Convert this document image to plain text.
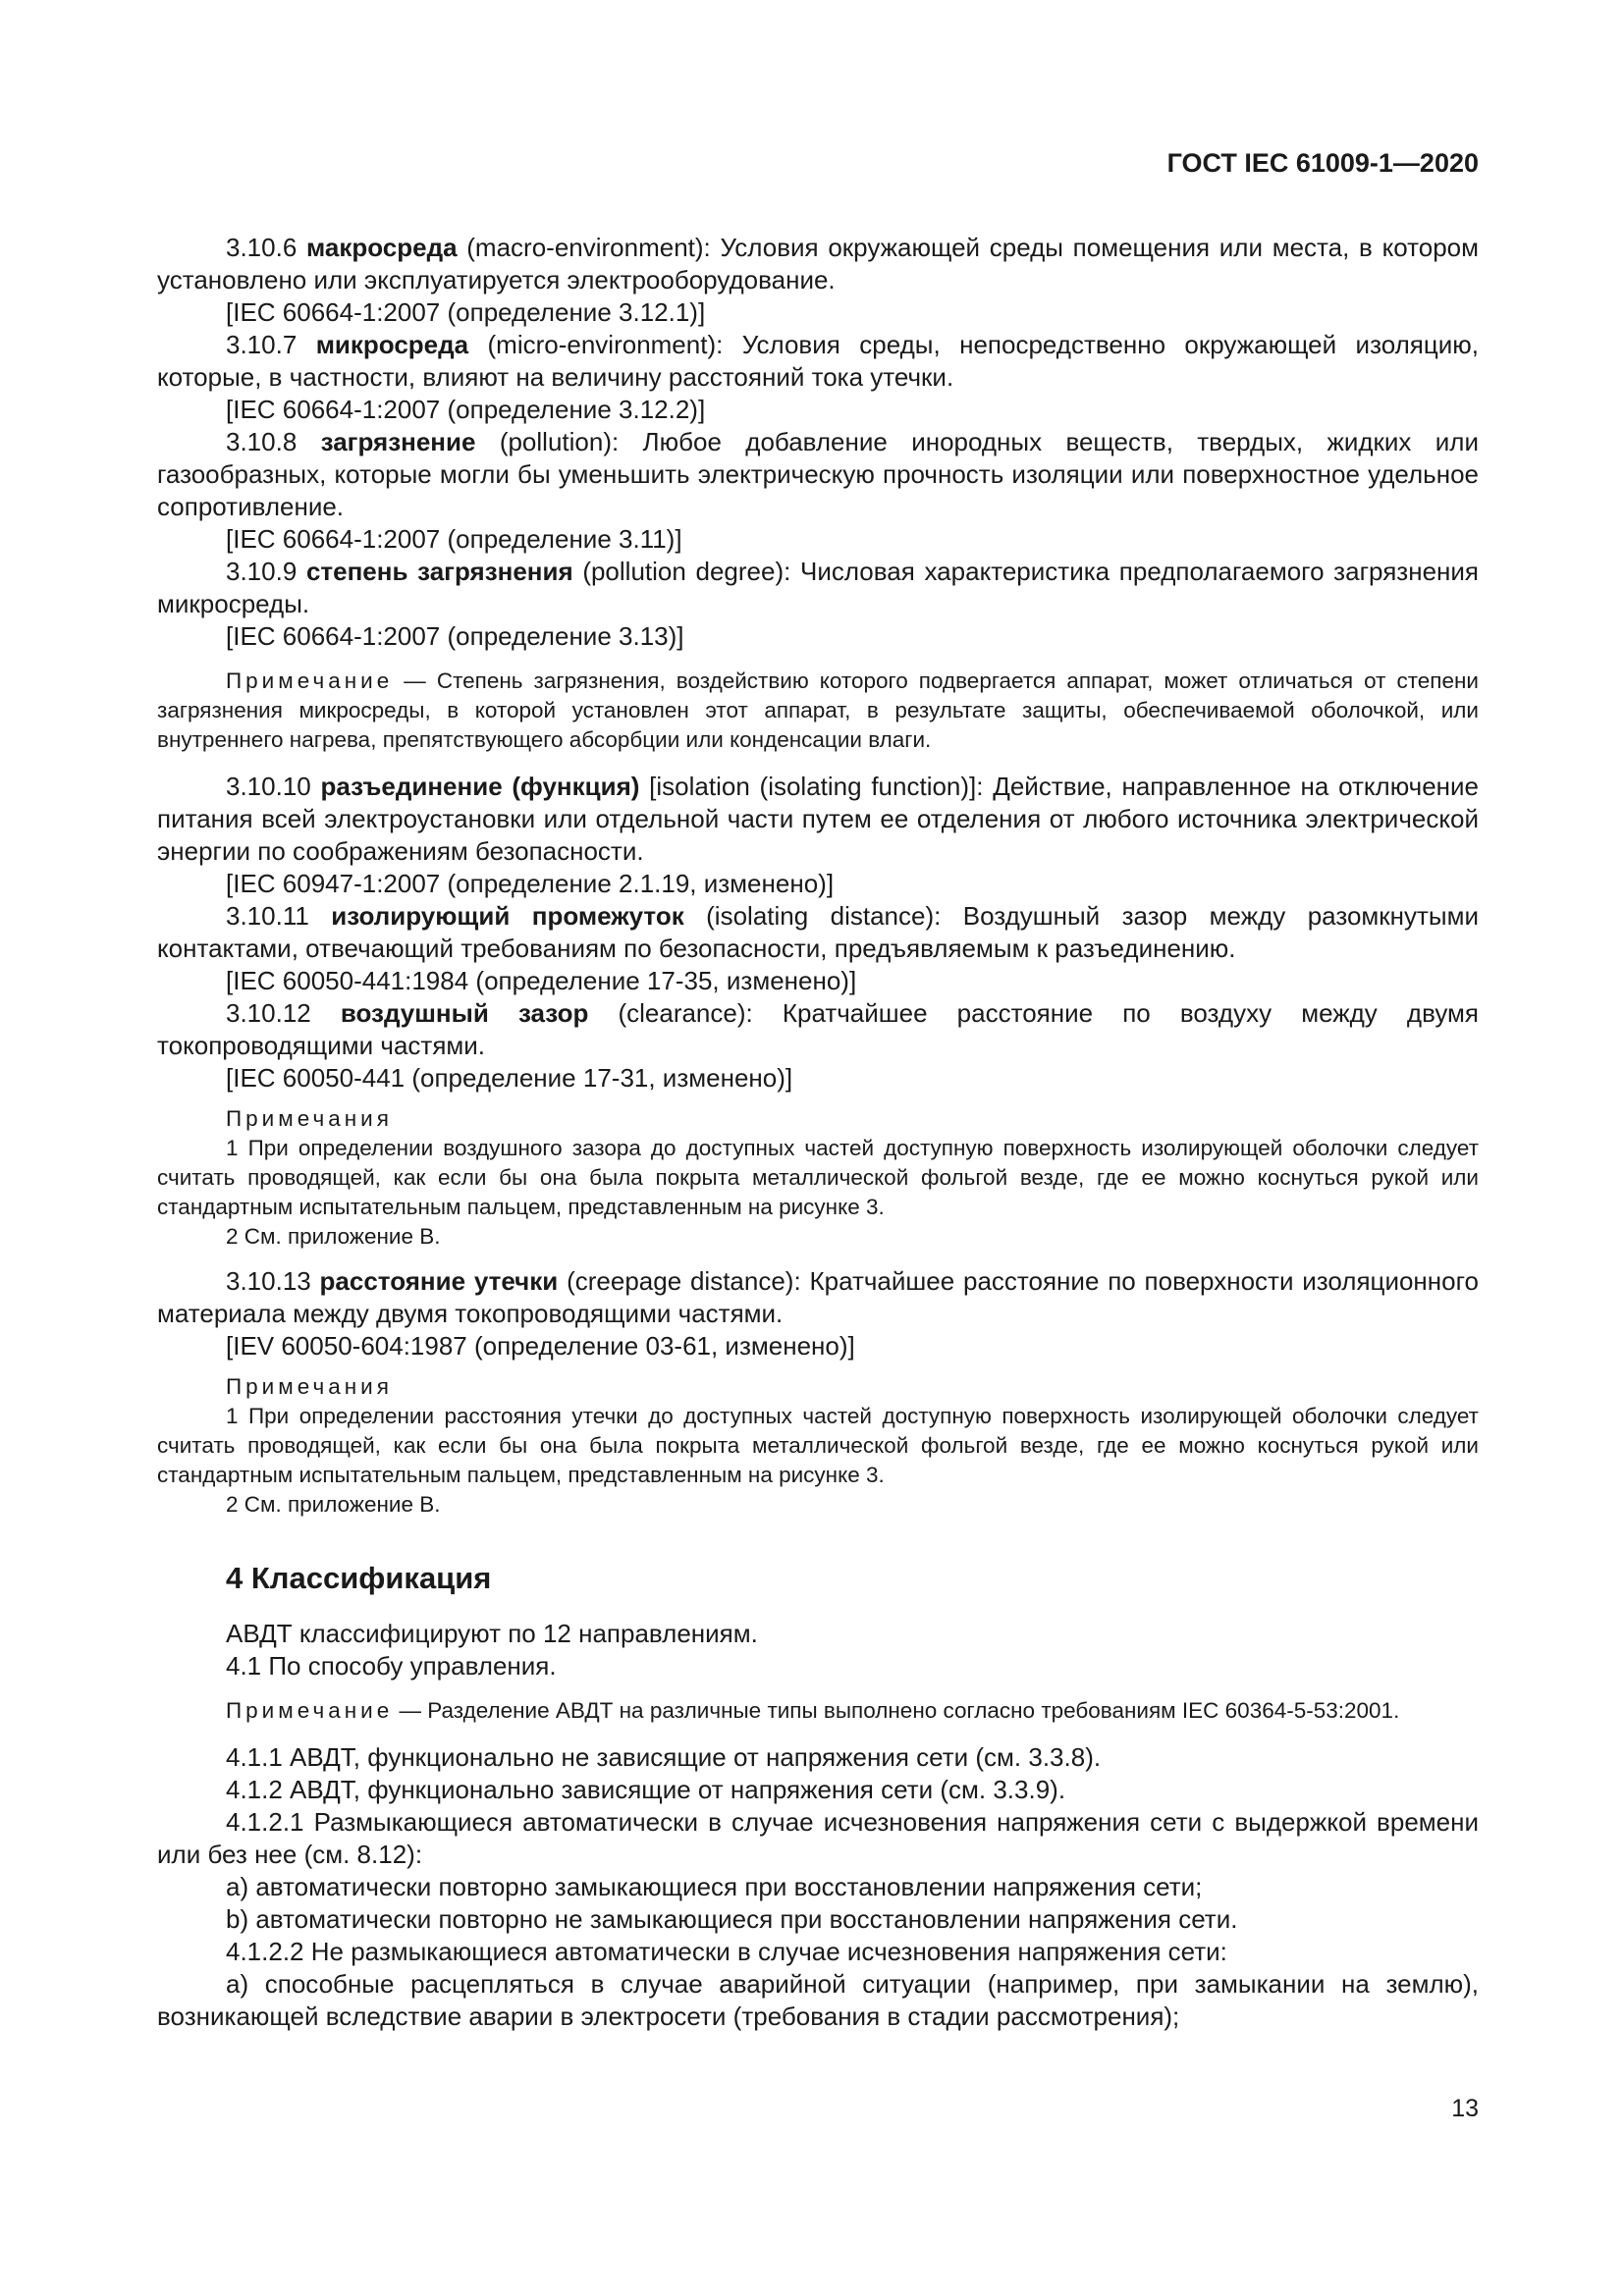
ГОСТ IEC 61009-1—2020

3.10.6 макросреда (macro-environment): Условия окружающей среды помещения или места, в котором установлено или эксплуатируется электрооборудование.

[IEC 60664-1:2007 (определение 3.12.1)]

3.10.7 микросреда (micro-environment): Условия среды, непосредственно окружающей изоляцию, которые, в частности, влияют на величину расстояний тока утечки.

[IEC 60664-1:2007 (определение 3.12.2)]

3.10.8 загрязнение (pollution): Любое добавление инородных веществ, твердых, жидких или газообразных, которые могли бы уменьшить электрическую прочность изоляции или поверхностное удельное сопротивление.

[IEC 60664-1:2007 (определение 3.11)]

3.10.9 степень загрязнения (pollution degree): Числовая характеристика предполагаемого загрязнения микросреды.

[IEC 60664-1:2007 (определение 3.13)]

Примечание — Степень загрязнения, воздействию которого подвергается аппарат, может отличаться от степени загрязнения микросреды, в которой установлен этот аппарат, в результате защиты, обеспечиваемой оболочкой, или внутреннего нагрева, препятствующего абсорбции или конденсации влаги.

3.10.10 разъединение (функция) [isolation (isolating function)]: Действие, направленное на отключение питания всей электроустановки или отдельной части путем ее отделения от любого источника электрической энергии по соображениям безопасности.

[IEC 60947-1:2007 (определение 2.1.19, изменено)]

3.10.11 изолирующий промежуток (isolating distance): Воздушный зазор между разомкнутыми контактами, отвечающий требованиям по безопасности, предъявляемым к разъединению.

[IEC 60050-441:1984 (определение 17-35, изменено)]

3.10.12 воздушный зазор (clearance): Кратчайшее расстояние по воздуху между двумя токопроводящими частями.

[IEC 60050-441 (определение 17-31, изменено)]

Примечания

1 При определении воздушного зазора до доступных частей доступную поверхность изолирующей оболочки следует считать проводящей, как если бы она была покрыта металлической фольгой везде, где ее можно коснуться рукой или стандартным испытательным пальцем, представленным на рисунке 3.

2 См. приложение В.

3.10.13 расстояние утечки (creepage distance): Кратчайшее расстояние по поверхности изоляционного материала между двумя токопроводящими частями.

[IEV 60050-604:1987 (определение 03-61, изменено)]

Примечания

1 При определении расстояния утечки до доступных частей доступную поверхность изолирующей оболочки следует считать проводящей, как если бы она была покрыта металлической фольгой везде, где ее можно коснуться рукой или стандартным испытательным пальцем, представленным на рисунке 3.

2 См. приложение В.

4 Классификация

АВДТ классифицируют по 12 направлениям.

4.1 По способу управления.

Примечание — Разделение АВДТ на различные типы выполнено согласно требованиям IEC 60364-5-53:2001.

4.1.1 АВДТ, функционально не зависящие от напряжения сети (см. 3.3.8).

4.1.2 АВДТ, функционально зависящие от напряжения сети (см. 3.3.9).

4.1.2.1 Размыкающиеся автоматически в случае исчезновения напряжения сети с выдержкой времени или без нее (см. 8.12):

a) автоматически повторно замыкающиеся при восстановлении напряжения сети;

b) автоматически повторно не замыкающиеся при восстановлении напряжения сети.

4.1.2.2 Не размыкающиеся автоматически в случае исчезновения напряжения сети:

a) способные расцепляться в случае аварийной ситуации (например, при замыкании на землю), возникающей вследствие аварии в электросети (требования в стадии рассмотрения);

13
